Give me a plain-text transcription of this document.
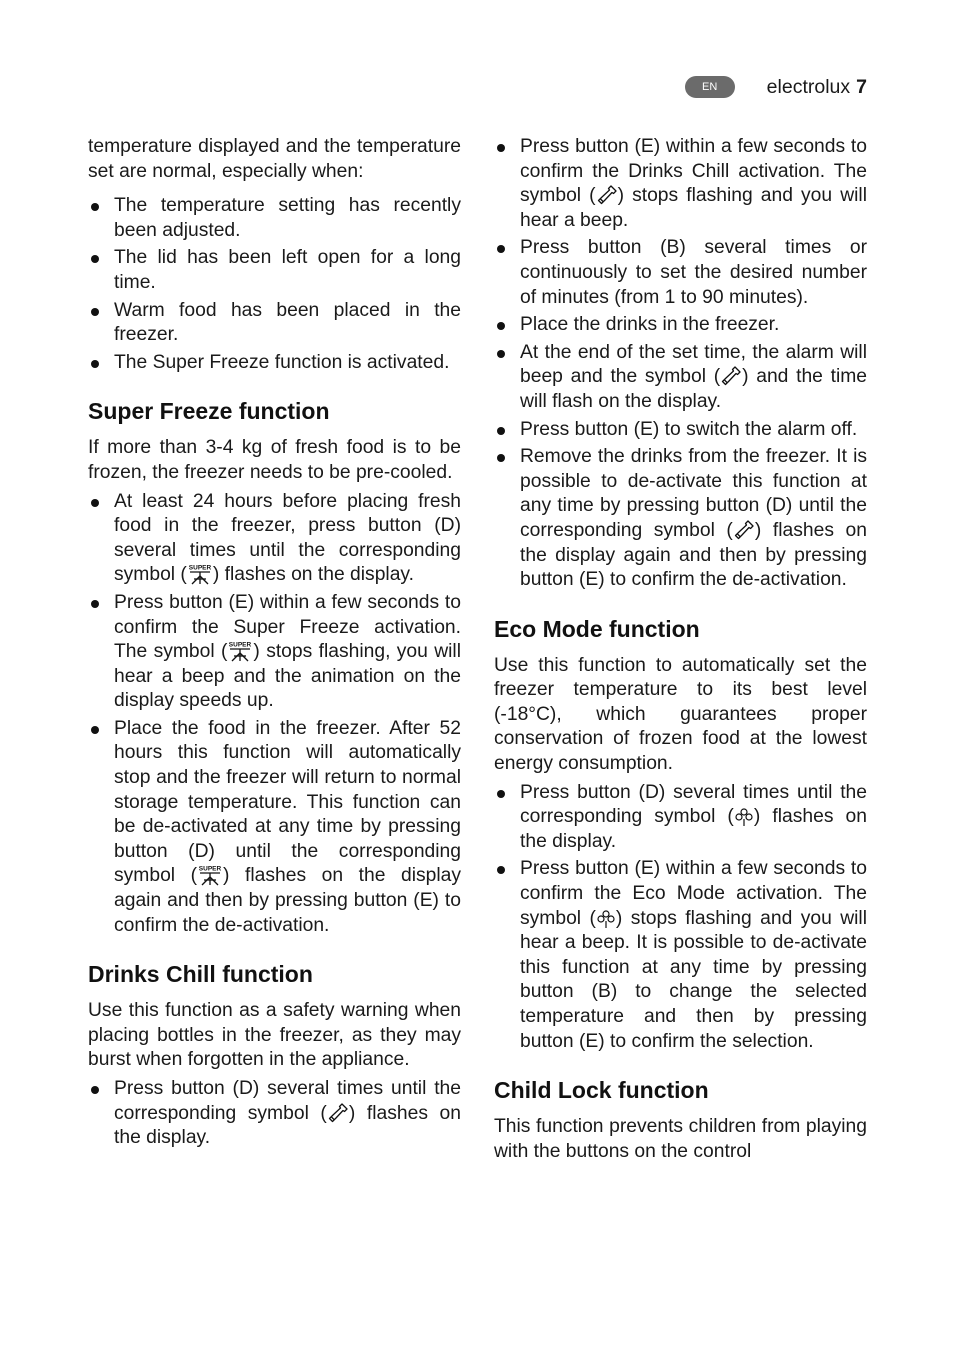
EN	electrolux 7

temperature displayed and the temperature set are normal, especially when:

The temperature setting has recently been adjusted.
The lid has been left open for a long time.
Warm food has been placed in the freezer.
The Super Freeze function is activated.
Super Freeze function

If more than 3-4 kg of fresh food is to be frozen, the freezer needs to be pre-cooled.

At least 24 hours before placing fresh food in the freezer, press button (D) several times until the corresponding symbol ( SUPER ) flashes on the display.
Press button (E) within a few seconds to confirm the Super Freeze activation. The symbol ( SUPER ) stops flashing, you will hear a beep and the animation on the display speeds up.
Place the food in the freezer. After 52 hours this function will automatically stop and the freezer will return to normal storage temperature. This function can be de-activated at any time by pressing button (D) until the corresponding symbol ( SUPER ) flashes on the display again and then by pressing button (E) to confirm the de-activation.
Drinks Chill function

Use this function as a safety warning when placing bottles in the freezer, as they may burst when forgotten in the appliance.

Press button (D) several times until the corresponding symbol ( ) flashes on the display.
Press button (E) within a few seconds to confirm the Drinks Chill activation. The symbol ( ) stops flashing and you will hear a beep.
Press button (B) several times or continuously to set the desired number of minutes (from 1 to 90 minutes).
Place the drinks in the freezer.
At the end of the set time, the alarm will beep and the symbol ( ) and the time will flash on the display.
Press button (E) to switch the alarm off.
Remove the drinks from the freezer. It is possible to de-activate this function at any time by pressing button (D) until the corresponding symbol ( ) flashes on the display again and then by pressing button (E) to confirm the de-activation.
Eco Mode function

Use this function to automatically set the freezer temperature to its best level (-18°C), which guarantees proper conservation of frozen food at the lowest energy consumption.

Press button (D) several times until the corresponding symbol ( ) flashes on the display.
Press button (E) within a few seconds to confirm the Eco Mode activation. The symbol ( ) stops flashing and you will hear a beep. It is possible to de-activate this function at any time by pressing button (B) to change the selected temperature and then by pressing button (E) to confirm the selection.
Child Lock function

This function prevents children from playing with the buttons on the control
